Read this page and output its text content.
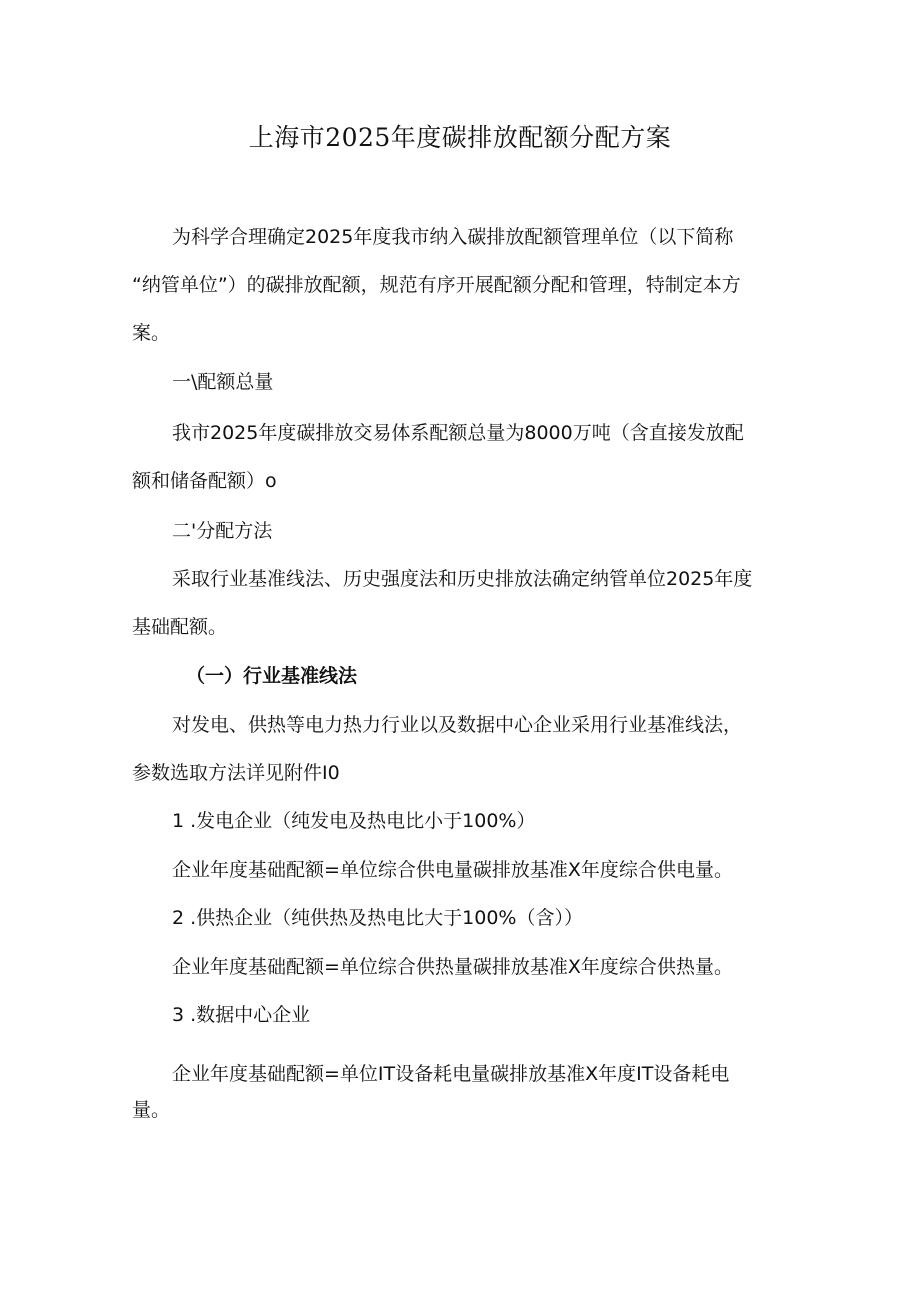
上海市2025年度碳排放配额分配方案
为科学合理确定2025年度我市纳入碳排放配额管理单位（以下简称
“纳管单位”）的碳排放配额，规范有序开展配额分配和管理，特制定本方
案。
一\配额总量
我市2025年度碳排放交易体系配额总量为8000万吨（含直接发放配
额和储备配额）o
二'分配方法
采取行业基准线法、历史强度法和历史排放法确定纳管单位2025年度
基础配额。
（一）行业基准线法
对发电、供热等电力热力行业以及数据中心企业采用行业基准线法，
参数选取方法详见附件I0
1 .发电企业（纯发电及热电比小于100%）
企业年度基础配额=单位综合供电量碳排放基准X年度综合供电量。
2 .供热企业（纯供热及热电比大于100%（含））
企业年度基础配额=单位综合供热量碳排放基准X年度综合供热量。
3 .数据中心企业
企业年度基础配额=单位IT设备耗电量碳排放基准X年度IT设备耗电
量。
